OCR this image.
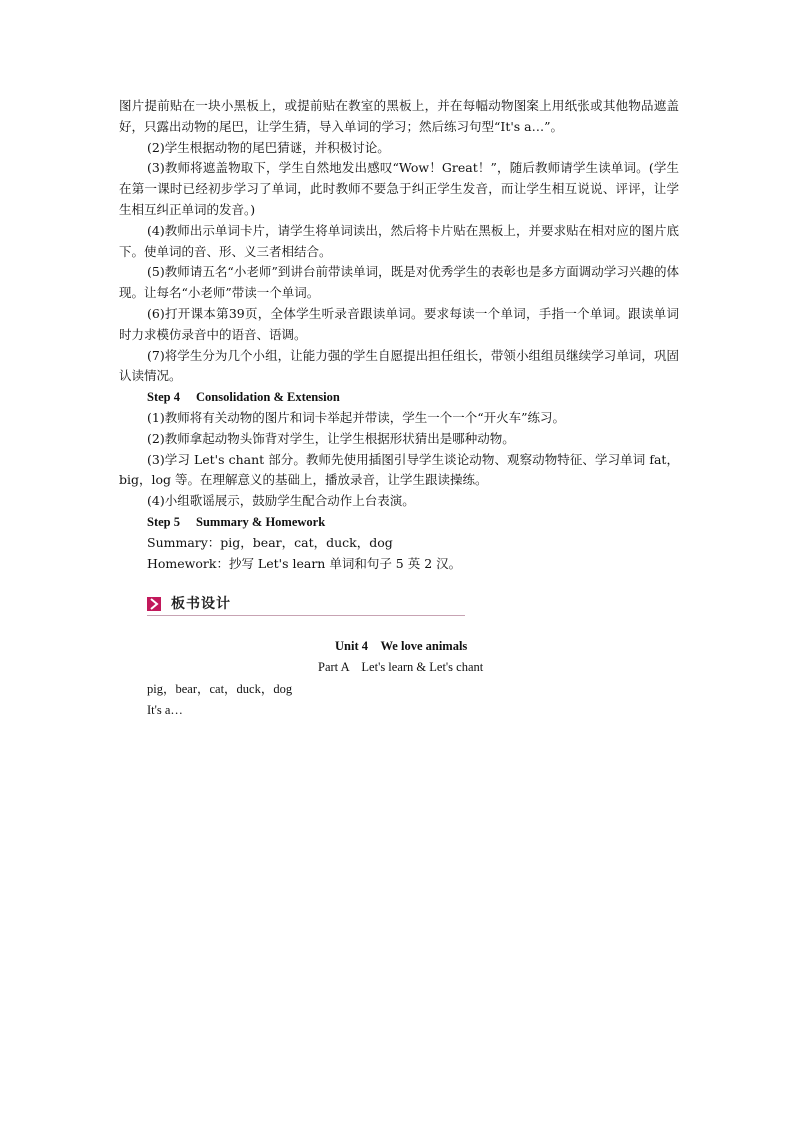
图片提前贴在一块小黑板上，或提前贴在教室的黑板上，并在每幅动物图案上用纸张或其他物品遮盖好，只露出动物的尾巴，让学生猜，导入单词的学习；然后练习句型“It's a…”。

(2)学生根据动物的尾巴猜谜，并积极讨论。

(3)教师将遮盖物取下，学生自然地发出感叹“Wow！Great！”，随后教师请学生读单词。(学生在第一课时已经初步学习了单词，此时教师不要急于纠正学生发音，而让学生相互说说、评评，让学生相互纠正单词的发音。)

(4)教师出示单词卡片，请学生将单词读出，然后将卡片贴在黑板上，并要求贴在相对应的图片底下。使单词的音、形、义三者相结合。

(5)教师请五名“小老师”到讲台前带读单词，既是对优秀学生的表彰也是多方面调动学习兴趣的体现。让每名“小老师”带读一个单词。

(6)打开课本第39页，全体学生听录音跟读单词。要求每读一个单词，手指一个单词。跟读单词时力求模仿录音中的语音、语调。

(7)将学生分为几个小组，让能力强的学生自愿提出担任组长，带领小组组员继续学习单词，巩固认读情况。

Step 4 Consolidation & Extension

(1)教师将有关动物的图片和词卡举起并带读，学生一个一个“开火车”练习。

(2)教师拿起动物头饰背对学生，让学生根据形状猜出是哪种动物。

(3)学习 Let's chant 部分。教师先使用插图引导学生谈论动物、观察动物特征、学习单词 fat，big，log 等。在理解意义的基础上，播放录音，让学生跟读操练。

(4)小组歌谣展示，鼓励学生配合动作上台表演。

Step 5 Summary & Homework
Summary：pig，bear，cat，duck，dog
Homework：抄写 Let's learn 单词和句子 5 英 2 汉。
板书设计
Unit 4　We love animals
Part A　Let's learn & Let's chant
pig，bear，cat，duck，dog
It's a…
